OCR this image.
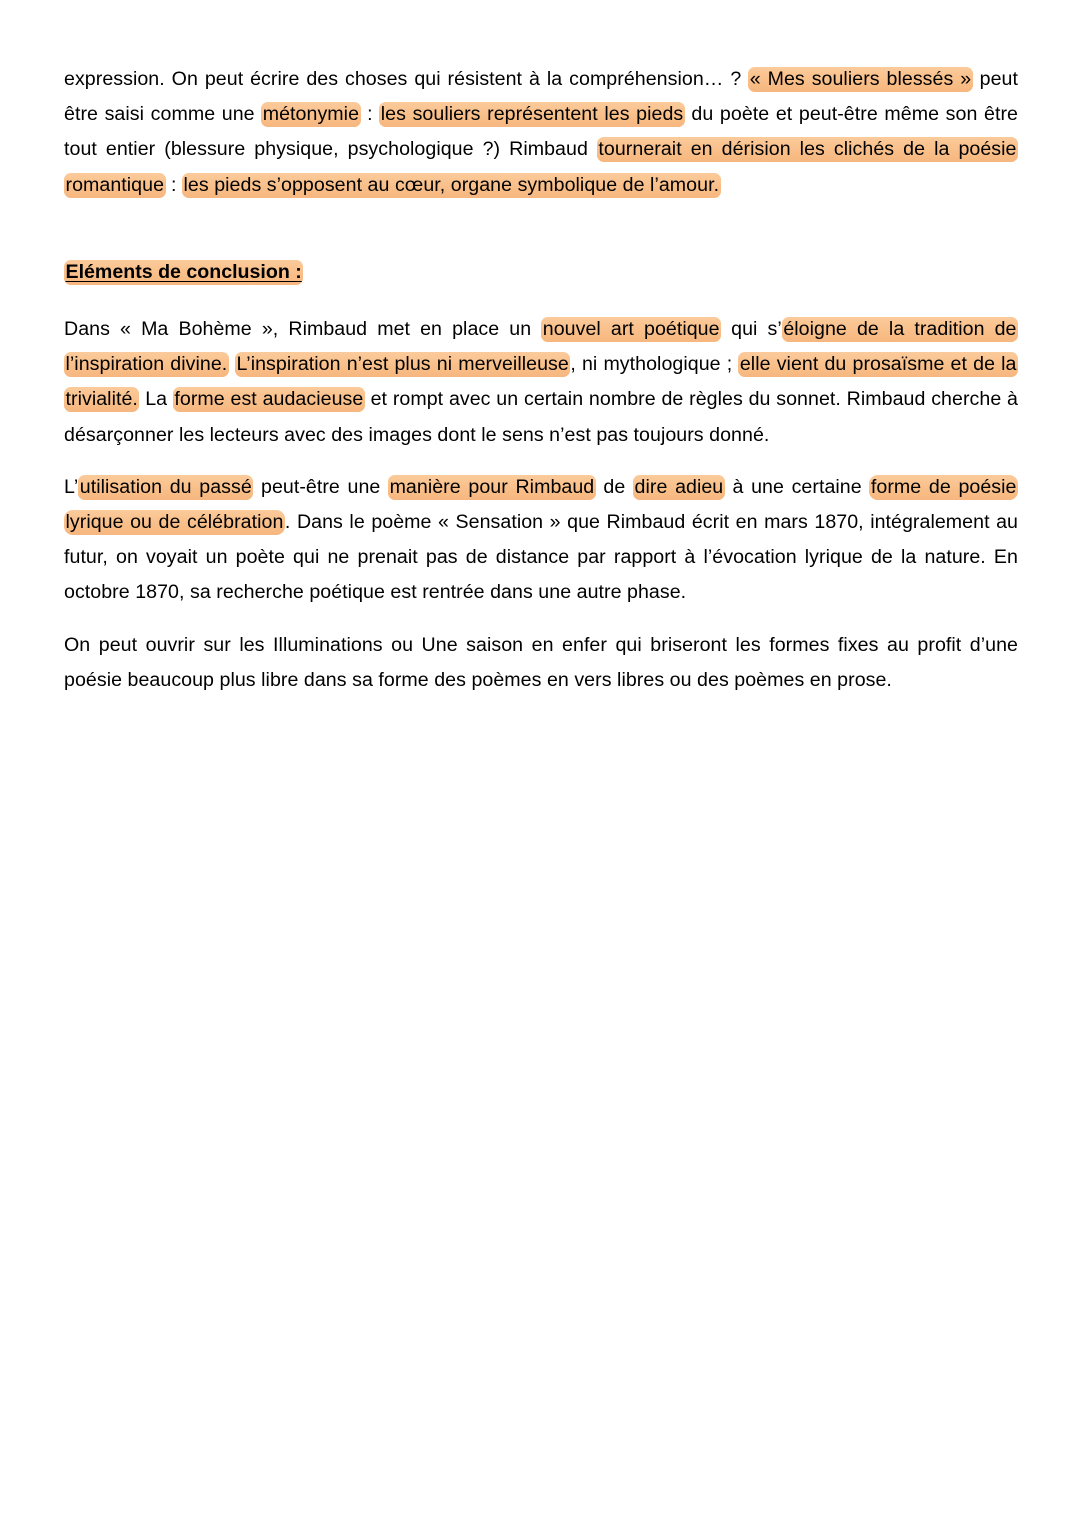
expression. On peut écrire des choses qui résistent à la compréhension… ? « Mes souliers blessés » peut être saisi comme une métonymie : les souliers représentent les pieds du poète et peut-être même son être tout entier (blessure physique, psychologique ?) Rimbaud tournerait en dérision les clichés de la poésie romantique : les pieds s’opposent au cœur, organe symbolique de l’amour.

Eléments de conclusion :

Dans « Ma Bohème », Rimbaud met en place un nouvel art poétique qui s’éloigne de la tradition de l’inspiration divine. L’inspiration n’est plus ni merveilleuse, ni mythologique ; elle vient du prosaïsme et de la trivialité. La forme est audacieuse et rompt avec un certain nombre de règles du sonnet. Rimbaud cherche à désarçonner les lecteurs avec des images dont le sens n’est pas toujours donné.

L’utilisation du passé peut-être une manière pour Rimbaud de dire adieu à une certaine forme de poésie lyrique ou de célébration. Dans le poème « Sensation » que Rimbaud écrit en mars 1870, intégralement au futur, on voyait un poète qui ne prenait pas de distance par rapport à l’évocation lyrique de la nature. En octobre 1870, sa recherche poétique est rentrée dans une autre phase.

On peut ouvrir sur les Illuminations ou Une saison en enfer qui briseront les formes fixes au profit d’une poésie beaucoup plus libre dans sa forme des poèmes en vers libres ou des poèmes en prose.
